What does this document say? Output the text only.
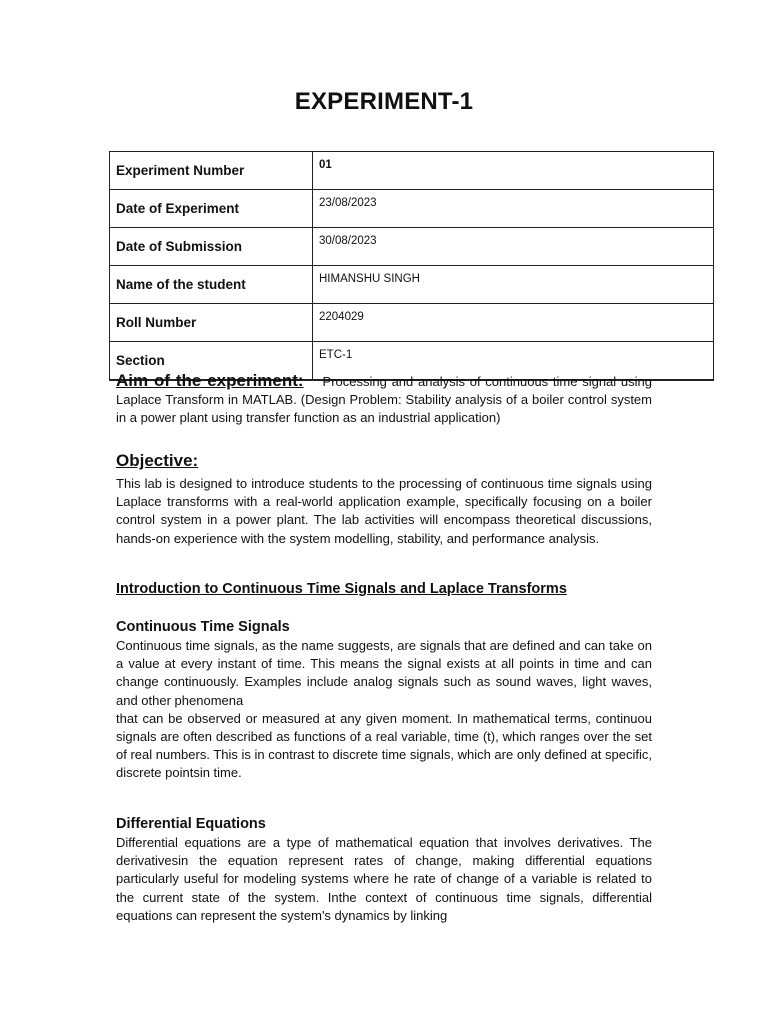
EXPERIMENT-1
Experiment Number	01
Date of Experiment	23/08/2023
Date of Submission	30/08/2023
Name of the student	HIMANSHU SINGH
Roll Number	2204029
Section	ETC-1

Aim of the experiment: Processing and analysis of continuous time signal using Laplace Transform in MATLAB. (Design Problem: Stability analysis of a boiler control system in a power plant using transfer function as an industrial application)

Objective:

This lab is designed to introduce students to the processing of continuous time signals using Laplace transforms with a real-world application example, specifically focusing on a boiler control system in a power plant. The lab activities will encompass theoretical discussions, hands-on experience with the system modelling, stability, and performance analysis.

Introduction to Continuous Time Signals and Laplace Transforms

Continuous Time Signals

Continuous time signals, as the name suggests, are signals that are defined and can take on a value at every instant of time. This means the signal exists at all points in time and can change continuously. Examples include analog signals such as sound waves, light waves, and other phenomena

that can be observed or measured at any given moment. In mathematical terms, continuou signals are often described as functions of a real variable, time (t), which ranges over the set of real numbers. This is in contrast to discrete time signals, which are only defined at specific, discrete pointsin time.

Differential Equations

Differential equations are a type of mathematical equation that involves derivatives. The derivativesin the equation represent rates of change, making differential equations particularly useful for modeling systems where he rate of change of a variable is related to the current state of the system. Inthe context of continuous time signals, differential equations can represent the system's dynamics by linking
